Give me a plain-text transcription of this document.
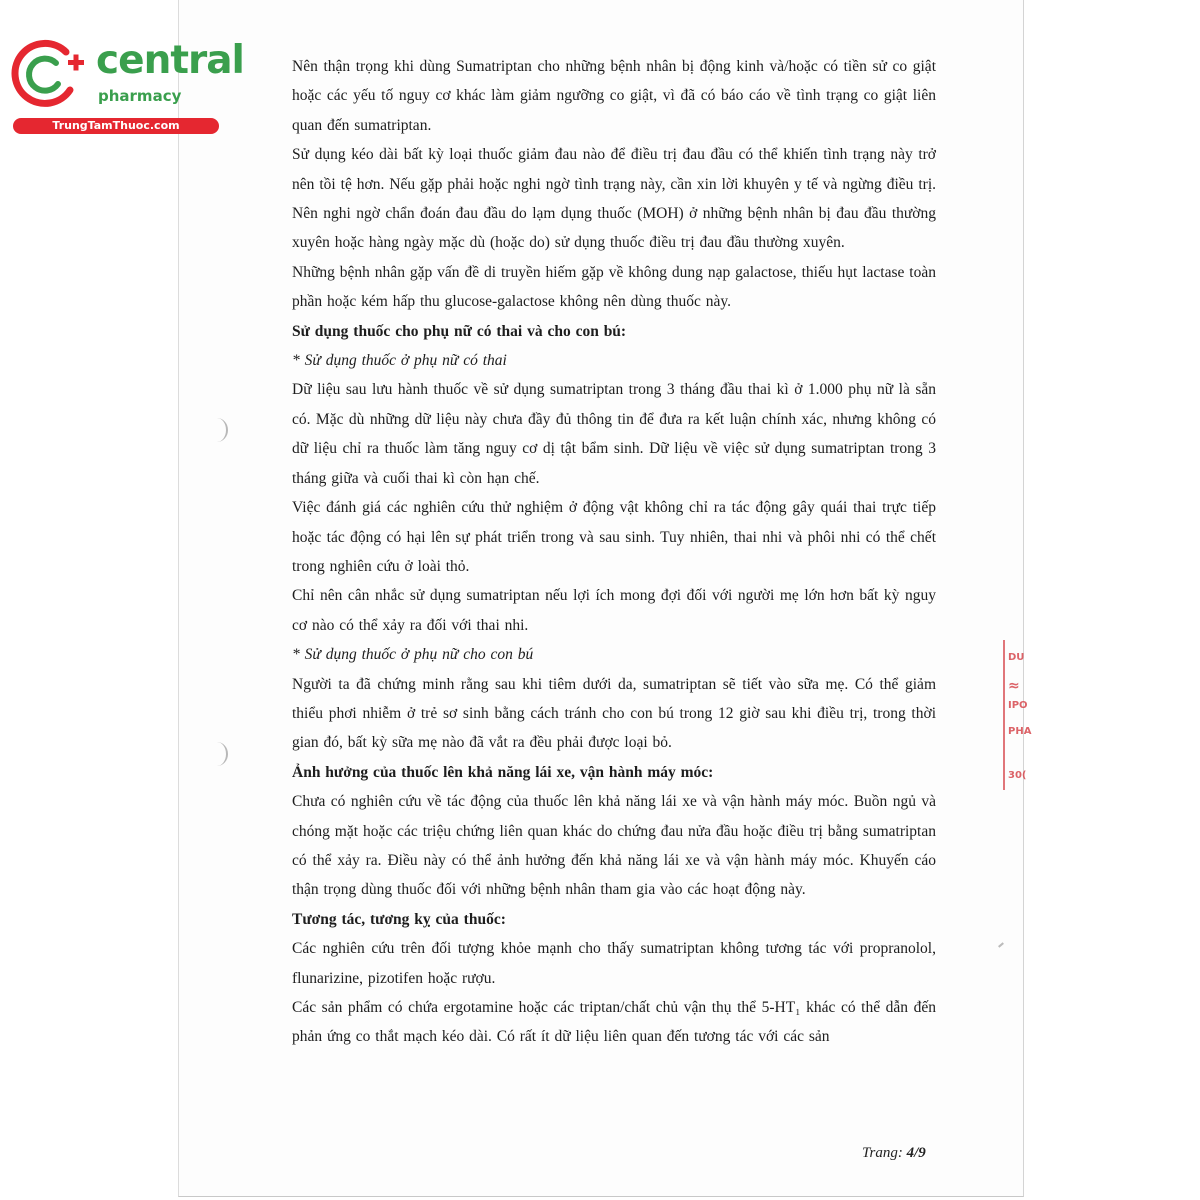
central
pharmacy
TrungTamThuoc.com

Nên thận trọng khi dùng Sumatriptan cho những bệnh nhân bị động kinh và/hoặc có tiền sử co giật hoặc các yếu tố nguy cơ khác làm giảm ngưỡng co giật, vì đã có báo cáo về tình trạng co giật liên quan đến sumatriptan.

Sử dụng kéo dài bất kỳ loại thuốc giảm đau nào để điều trị đau đầu có thể khiến tình trạng này trở nên tồi tệ hơn. Nếu gặp phải hoặc nghi ngờ tình trạng này, cần xin lời khuyên y tế và ngừng điều trị. Nên nghi ngờ chẩn đoán đau đầu do lạm dụng thuốc (MOH) ở những bệnh nhân bị đau đầu thường xuyên hoặc hàng ngày mặc dù (hoặc do) sử dụng thuốc điều trị đau đầu thường xuyên.

Những bệnh nhân gặp vấn đề di truyền hiếm gặp về không dung nạp galactose, thiếu hụt lactase toàn phần hoặc kém hấp thu glucose-galactose không nên dùng thuốc này.

Sử dụng thuốc cho phụ nữ có thai và cho con bú:

* Sử dụng thuốc ở phụ nữ có thai

Dữ liệu sau lưu hành thuốc về sử dụng sumatriptan trong 3 tháng đầu thai kì ở 1.000 phụ nữ là sẵn có. Mặc dù những dữ liệu này chưa đầy đủ thông tin để đưa ra kết luận chính xác, nhưng không có dữ liệu chỉ ra thuốc làm tăng nguy cơ dị tật bẩm sinh. Dữ liệu về việc sử dụng sumatriptan trong 3 tháng giữa và cuối thai kì còn hạn chế.

Việc đánh giá các nghiên cứu thử nghiệm ở động vật không chỉ ra tác động gây quái thai trực tiếp hoặc tác động có hại lên sự phát triển trong và sau sinh. Tuy nhiên, thai nhi và phôi nhi có thể chết trong nghiên cứu ở loài thỏ.

Chỉ nên cân nhắc sử dụng sumatriptan nếu lợi ích mong đợi đối với người mẹ lớn hơn bất kỳ nguy cơ nào có thể xảy ra đối với thai nhi.

* Sử dụng thuốc ở phụ nữ cho con bú

Người ta đã chứng minh rằng sau khi tiêm dưới da, sumatriptan sẽ tiết vào sữa mẹ. Có thể giảm thiểu phơi nhiễm ở trẻ sơ sinh bằng cách tránh cho con bú trong 12 giờ sau khi điều trị, trong thời gian đó, bất kỳ sữa mẹ nào đã vắt ra đều phải được loại bỏ.

Ảnh hưởng của thuốc lên khả năng lái xe, vận hành máy móc:

Chưa có nghiên cứu về tác động của thuốc lên khả năng lái xe và vận hành máy móc. Buồn ngủ và chóng mặt hoặc các triệu chứng liên quan khác do chứng đau nửa đầu hoặc điều trị bằng sumatriptan có thể xảy ra. Điều này có thể ảnh hưởng đến khả năng lái xe và vận hành máy móc. Khuyến cáo thận trọng dùng thuốc đối với những bệnh nhân tham gia vào các hoạt động này.

Tương tác, tương kỵ của thuốc:

Các nghiên cứu trên đối tượng khỏe mạnh cho thấy sumatriptan không tương tác với propranolol, flunarizine, pizotifen hoặc rượu.

Các sản phẩm có chứa ergotamine hoặc các triptan/chất chủ vận thụ thể 5-HT₁ khác có thể dẫn đến phản ứng co thắt mạch kéo dài. Có rất ít dữ liệu liên quan đến tương tác với các sản

Trang: 4/9
DU
≈
IPO
PHA
30(
